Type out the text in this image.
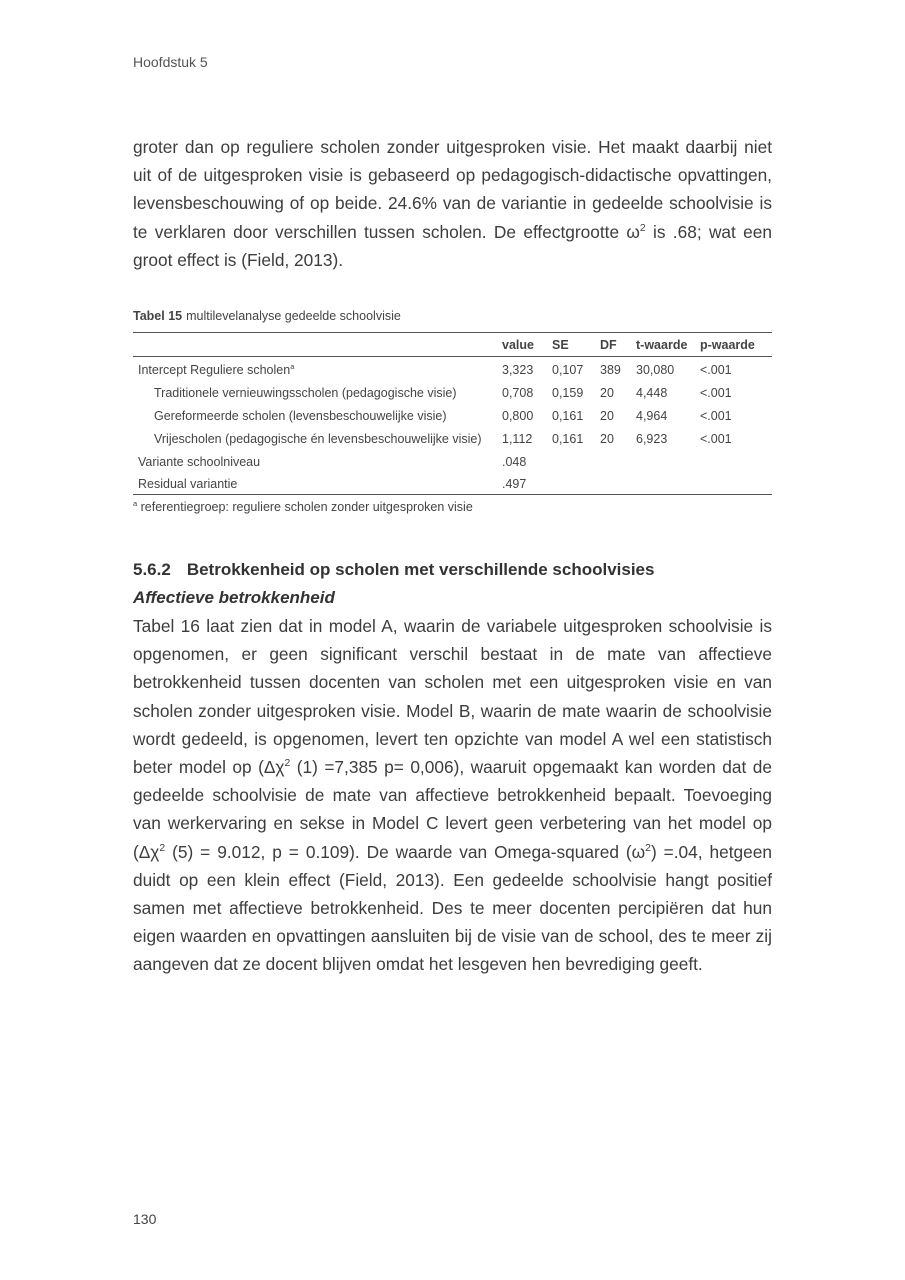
Hoofdstuk 5

groter dan op reguliere scholen zonder uitgesproken visie. Het maakt daarbij niet uit of de uitgesproken visie is gebaseerd op pedagogisch-didactische opvattingen, levensbeschouwing of op beide. 24.6% van de variantie in gedeelde schoolvisie is te verklaren door verschillen tussen scholen. De effectgrootte $\omega^2$ is .68; wat een groot effect is (Field, 2013).

Tabel 15 multilevelanalyse gedeelde schoolvisie
	value	SE	DF	t-waarde	p-waarde
Intercept Reguliere scholen$^a$	3,323	0,107	389	30,080	<.001
Traditionele vernieuwingsscholen (pedagogische visie)	0,708	0,159	20	4,448	<.001
Gereformeerde scholen (levensbeschouwelijke visie)	0,800	0,161	20	4,964	<.001
Vrijescholen (pedagogische én levensbeschouwelijke visie)	1,112	0,161	20	6,923	<.001
Variante schoolniveau	.048				
Residual variantie	.497				
$^a$ referentiegroep: reguliere scholen zonder uitgesproken visie
5.6.2 Betrokkenheid op scholen met verschillende schoolvisies
Affectieve betrokkenheid

Tabel 16 laat zien dat in model A, waarin de variabele uitgesproken schoolvisie is opgenomen, er geen significant verschil bestaat in de mate van affectieve betrokkenheid tussen docenten van scholen met een uitgesproken visie en van scholen zonder uitgesproken visie. Model B, waarin de mate waarin de schoolvisie wordt gedeeld, is opgenomen, levert ten opzichte van model A wel een statistisch beter model op ($\Delta\chi^2$ (1) =7,385 p= 0,006), waaruit opgemaakt kan worden dat de gedeelde schoolvisie de mate van affectieve betrokkenheid bepaalt. Toevoeging van werkervaring en sekse in Model C levert geen verbetering van het model op ($\Delta\chi^2$ (5) = 9.012, p = 0.109). De waarde van Omega-squared $(\omega^2) =.04$, hetgeen duidt op een klein effect (Field, 2013). Een gedeelde schoolvisie hangt positief samen met affectieve betrokkenheid. Des te meer docenten percipiëren dat hun eigen waarden en opvattingen aansluiten bij de visie van de school, des te meer zij aangeven dat ze docent blijven omdat het lesgeven hen bevrediging geeft.

130
